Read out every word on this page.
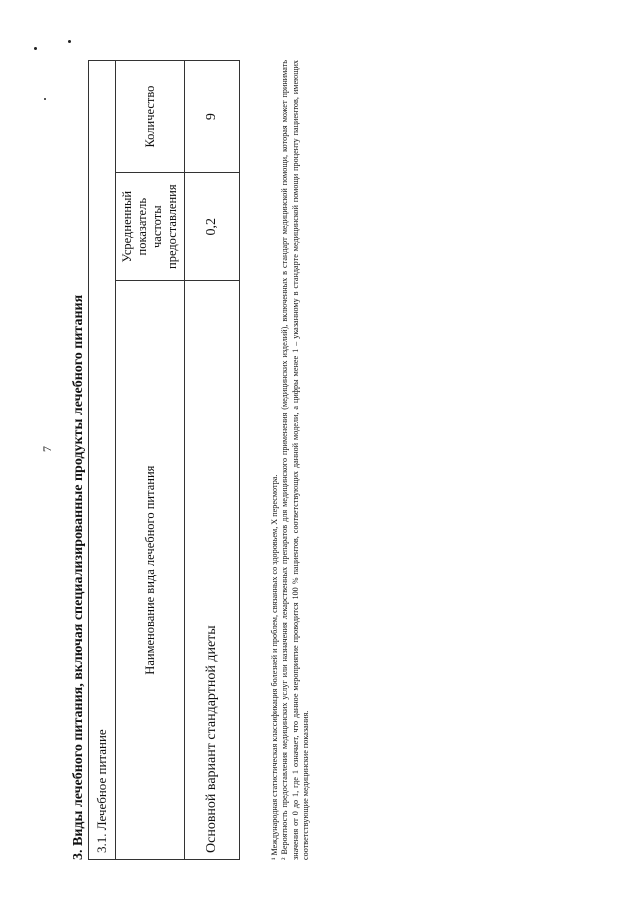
7 3. Виды лечебного питания, включая специализированные продукты лечебного питания 3.1. Лечебное питание		
Наименование вида лечебного питания	Усредненный показатель частоты предоставления	Количество
Основной вариант стандартной диеты	0,2	9

¹ Международная статистическая классификация болезней и проблем, связанных со здоровьем, X пересмотра. ² Вероятность предоставления медицинских услуг или назначения лекарственных препаратов для медицинского применения (медицинских изделий), включенных в стандарт медицинской помощи, которая может принимать значения от 0 до 1, где 1 означает, что данное мероприятие проводится 100 % пациентов, соответствующих данной модели, а цифры менее 1 – указанному в стандарте медицинской помощи проценту пациентов, имеющих соответствующие медицинские показания.
